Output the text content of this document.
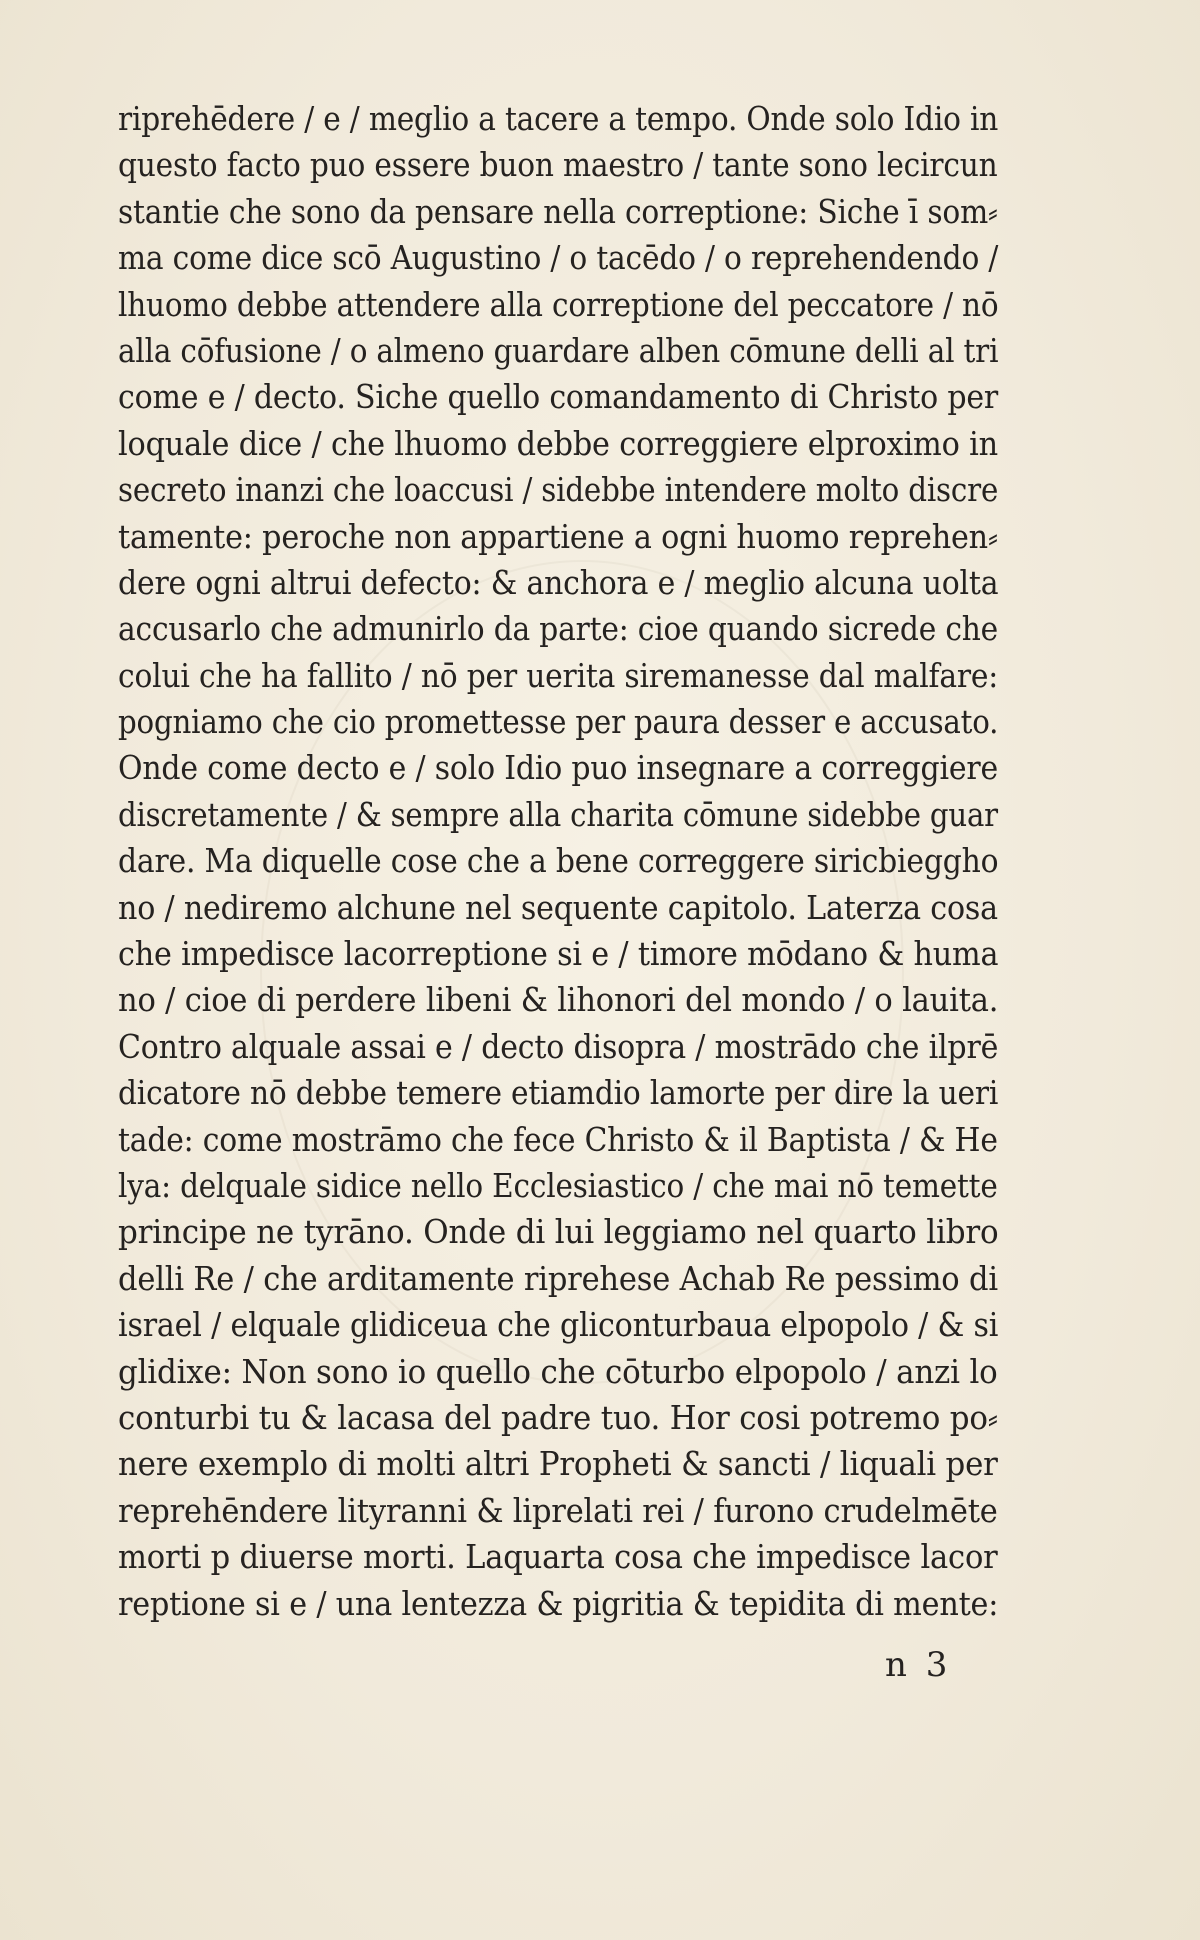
riprehēdere / e / meglio a tacere a tempo. Onde solo Idio in
questo facto puo essere buon maestro / tante sono lecircun
stantie che sono da pensare nella correptione: Siche ī som⸗
ma come dice scō Augustino / o tacēdo / o reprehendendo /
lhuomo debbe attendere alla correptione del peccatore / nō
alla cōfusione / o almeno guardare alben cōmune delli al tri
come e / decto. Siche quello comandamento di Christo per
loquale dice / che lhuomo debbe correggiere elproximo in
secreto inanzi che loaccusi / sidebbe intendere molto discre
tamente: peroche non appartiene a ogni huomo reprehen⸗
dere ogni altrui defecto: & anchora e / meglio alcuna uolta
accusarlo che admunirlo da parte: cioe quando sicrede che
colui che ha fallito / nō per uerita siremanesse dal malfare:
pogniamo che cio promettesse per paura desser e accusato.
Onde come decto e / solo Idio puo insegnare a correggiere
discretamente / & sempre alla charita cōmune sidebbe guar
dare. Ma diquelle cose che a bene correggere siricbieggho
no / nediremo alchune nel sequente capitolo. Laterza cosa
che impedisce lacorreptione si e / timore mōdano & huma
no / cioe di perdere libeni & lihonori del mondo / o lauita.
Contro alquale assai e / decto disopra / mostrādo che ilprē
dicatore nō debbe temere etiamdio lamorte per dire la ueri
tade: come mostrāmo che fece Christo & il Baptista / & He
lya: delquale sidice nello Ecclesiastico / che mai nō temette
principe ne tyrāno. Onde di lui leggiamo nel quarto libro
delli Re / che arditamente riprehese Achab Re pessimo di
israel / elquale glidiceua che gliconturbaua elpopolo / & si
glidixe: Non sono io quello che cōturbo elpopolo / anzi lo
conturbi tu & lacasa del padre tuo. Hor cosi potremo po⸗
nere exemplo di molti altri Propheti & sancti / liquali per
reprehēndere lityranni & liprelati rei / furono crudelmēte
morti p diuerse morti. Laquarta cosa che impedisce lacor
reptione si e / una lentezza & pigritia & tepidita di mente:
n 3
